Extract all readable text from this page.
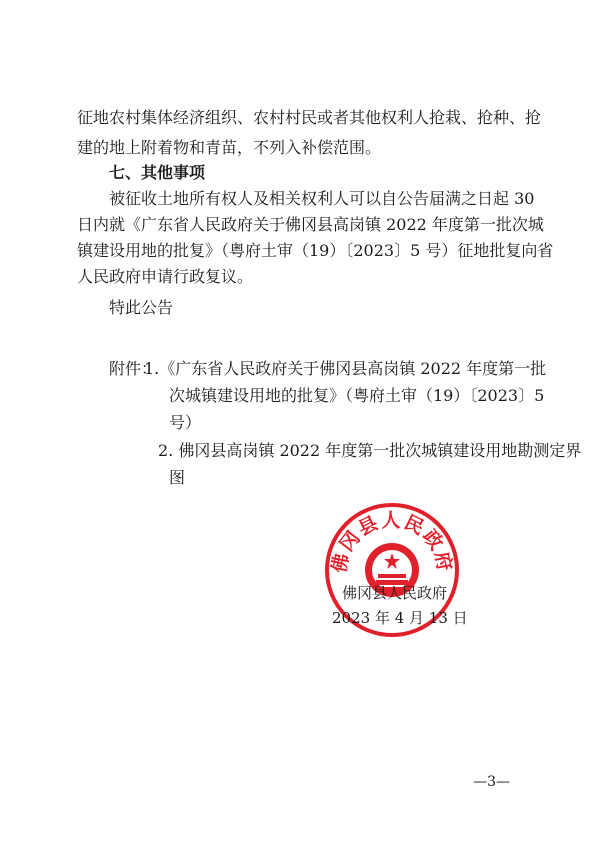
征地农村集体经济组织、农村村民或者其他权利人抢栽、抢种、抢
建的地上附着物和青苗，不列入补偿范围。
七、其他事项
被征收土地所有权人及相关权利人可以自公告届满之日起 30
日内就《广东省人民政府关于佛冈县高岗镇 2022 年度第一批次城
镇建设用地的批复》（粤府土审（19）〔2023〕5 号）征地批复向省
人民政府申请行政复议。
特此公告
附件：
1.《广东省人民政府关于佛冈县高岗镇 2022 年度第一批
次城镇建设用地的批复》（粤府土审（19）〔2023〕5
号）
2. 佛冈县高岗镇 2022 年度第一批次城镇建设用地勘测定界
图
佛冈县人民政府
佛冈县人民政府
2023 年 4 月 13 日
—3—
